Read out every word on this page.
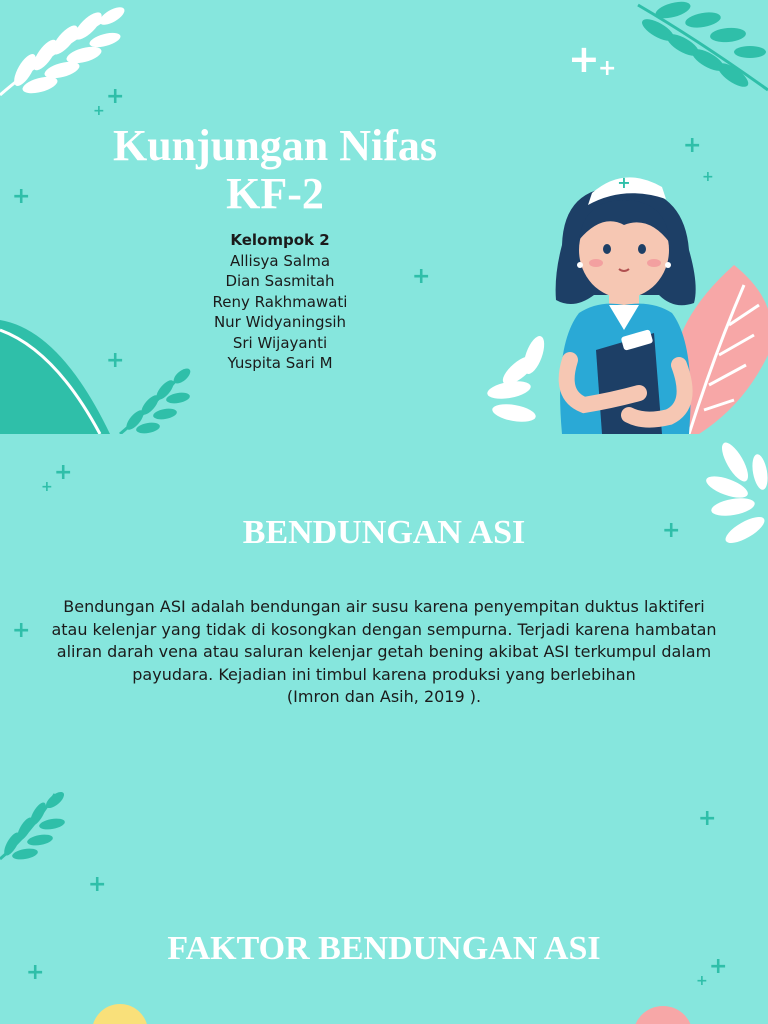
+
+
+
+
+
+
+
+
+
+
Kunjungan Nifas
KF-2
Kelompok 2
Allisya Salma
Dian Sasmitah
Reny Rakhmawati
Nur Widyaningsih
Sri Wijayanti
Yuspita Sari M
+
+
+
+
+
BENDUNGAN ASI
Bendungan ASI adalah bendungan air susu karena penyempitan duktus laktiferi atau kelenjar yang tidak di kosongkan dengan sempurna. Terjadi karena hambatan aliran darah vena atau saluran kelenjar getah bening akibat ASI terkumpul dalam payudara. Kejadian ini timbul karena produksi yang berlebihan
(Imron dan Asih, 2019 ).
+
+	+
+
FAKTOR BENDUNGAN ASI
